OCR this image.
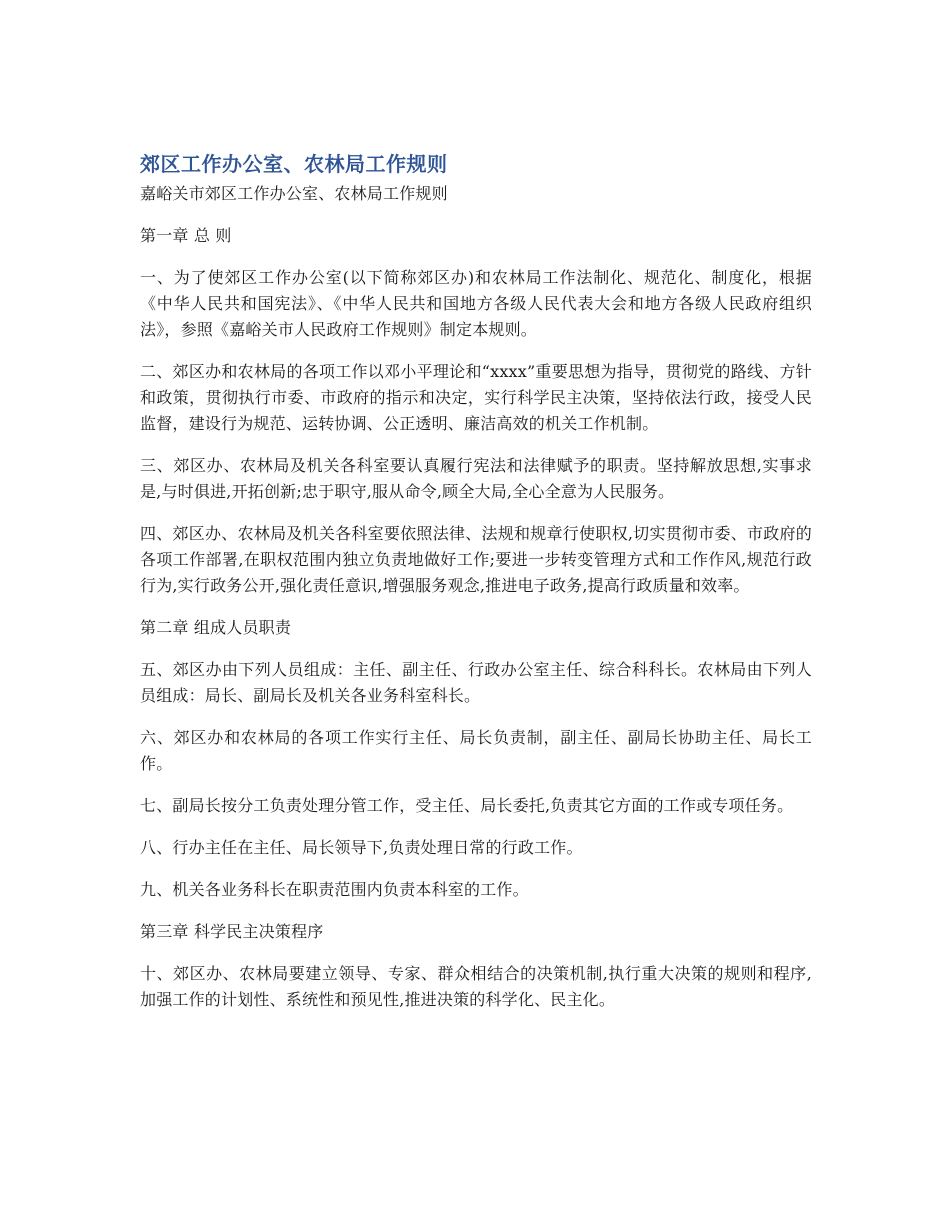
郊区工作办公室、农林局工作规则
嘉峪关市郊区工作办公室、农林局工作规则
第一章 总 则

一、为了使郊区工作办公室(以下简称郊区办)和农林局工作法制化、规范化、制度化，根据《中华人民共和国宪法》、《中华人民共和国地方各级人民代表大会和地方各级人民政府组织法》，参照《嘉峪关市人民政府工作规则》制定本规则。

二、郊区办和农林局的各项工作以邓小平理论和“xxxx”重要思想为指导，贯彻党的路线、方针和政策，贯彻执行市委、市政府的指示和决定，实行科学民主决策，坚持依法行政，接受人民监督，建设行为规范、运转协调、公正透明、廉洁高效的机关工作机制。

三、郊区办、农林局及机关各科室要认真履行宪法和法律赋予的职责。坚持解放思想,实事求是,与时俱进,开拓创新;忠于职守,服从命令,顾全大局,全心全意为人民服务。

四、郊区办、农林局及机关各科室要依照法律、法规和规章行使职权,切实贯彻市委、市政府的各项工作部署,在职权范围内独立负责地做好工作;要进一步转变管理方式和工作作风,规范行政行为,实行政务公开,强化责任意识,增强服务观念,推进电子政务,提高行政质量和效率。

第二章 组成人员职责

五、郊区办由下列人员组成：主任、副主任、行政办公室主任、综合科科长。农林局由下列人员组成：局长、副局长及机关各业务科室科长。

六、郊区办和农林局的各项工作实行主任、局长负责制，副主任、副局长协助主任、局长工作。

七、副局长按分工负责处理分管工作，受主任、局长委托,负责其它方面的工作或专项任务。

八、行办主任在主任、局长领导下,负责处理日常的行政工作。

九、机关各业务科长在职责范围内负责本科室的工作。

第三章 科学民主决策程序

十、郊区办、农林局要建立领导、专家、群众相结合的决策机制,执行重大决策的规则和程序,加强工作的计划性、系统性和预见性,推进决策的科学化、民主化。
